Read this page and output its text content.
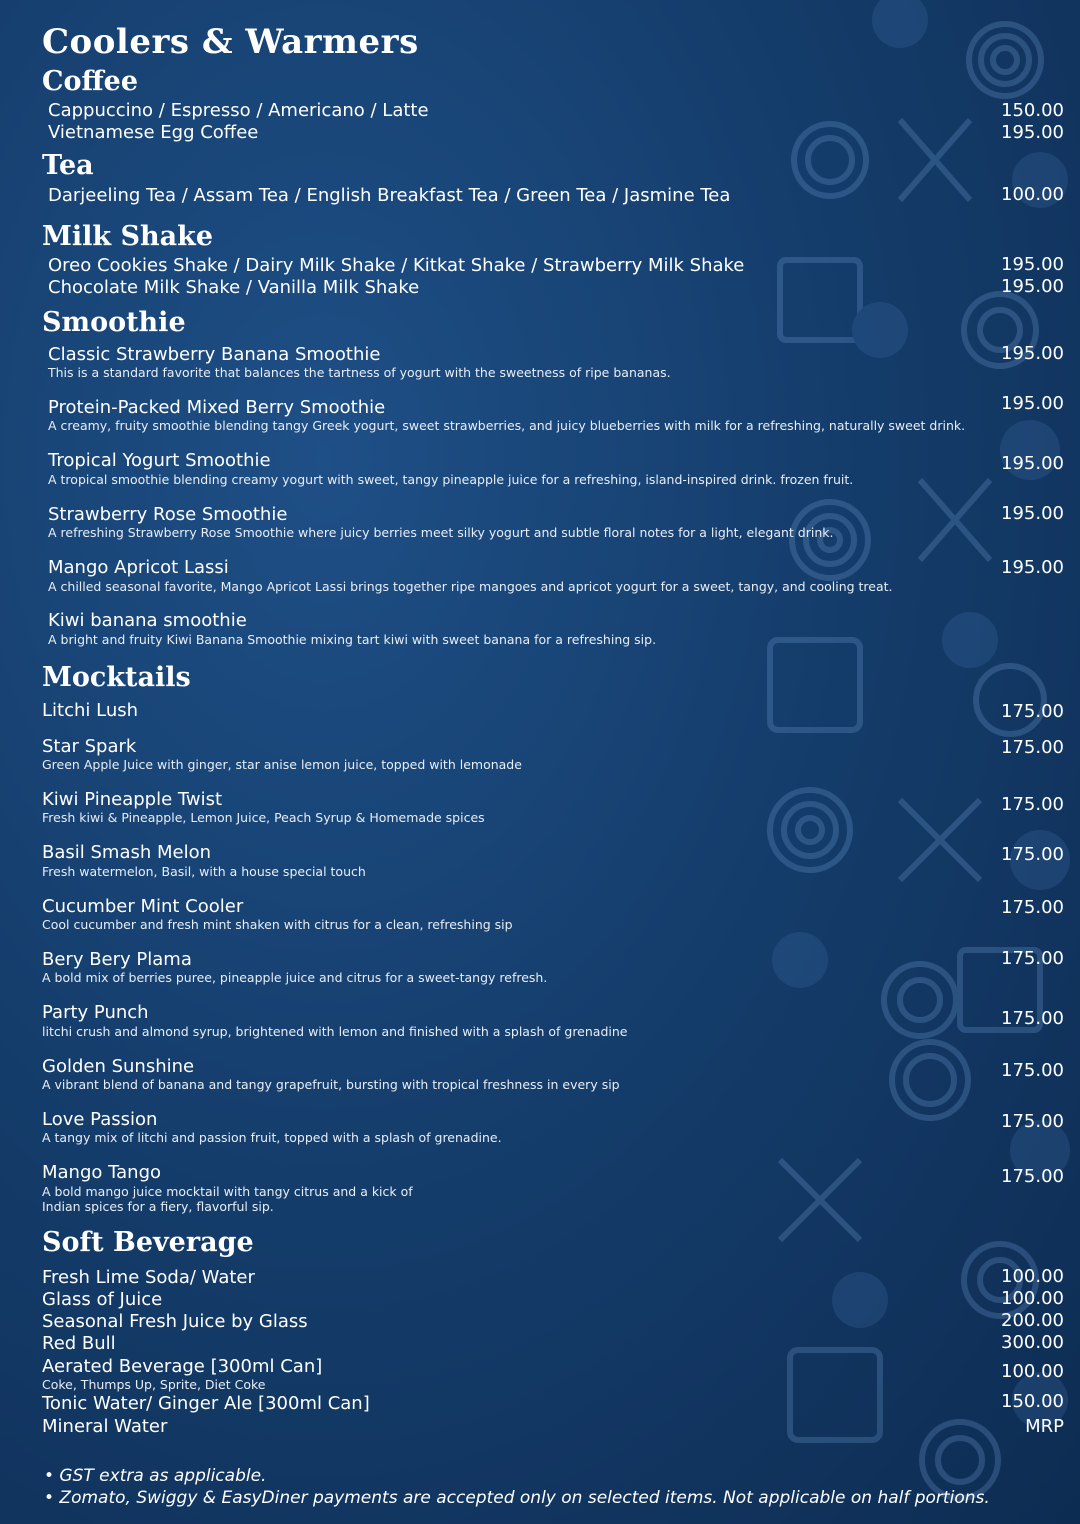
Coolers & Warmers
Coffee
Cappuccino / Espresso / Americano / Latte	150.00
Vietnamese Egg Coffee	195.00
Tea
Darjeeling Tea / Assam Tea / English Breakfast Tea / Green Tea / Jasmine Tea	100.00
Milk Shake
Oreo Cookies Shake / Dairy Milk Shake / Kitkat Shake / Strawberry Milk Shake	195.00
Chocolate Milk Shake / Vanilla Milk Shake	195.00
Smoothie
Classic Strawberry Banana Smoothie
This is a standard favorite that balances the tartness of yogurt with the sweetness of ripe bananas.
195.00
Protein-Packed Mixed Berry Smoothie
A creamy, fruity smoothie blending tangy Greek yogurt, sweet strawberries, and juicy blueberries with milk for a refreshing, naturally sweet drink.
195.00
Tropical Yogurt Smoothie
A tropical smoothie blending creamy yogurt with sweet, tangy pineapple juice for a refreshing, island-inspired drink. frozen fruit.
195.00
Strawberry Rose Smoothie
A refreshing Strawberry Rose Smoothie where juicy berries meet silky yogurt and subtle floral notes for a light, elegant drink.
195.00
Mango Apricot Lassi
A chilled seasonal favorite, Mango Apricot Lassi brings together ripe mangoes and apricot yogurt for a sweet, tangy, and cooling treat.
195.00
Kiwi banana smoothie
A bright and fruity Kiwi Banana Smoothie mixing tart kiwi with sweet banana for a refreshing sip.
Mocktails
Litchi Lush	175.00
Star Spark
Green Apple Juice with ginger, star anise lemon juice, topped with lemonade
175.00
Kiwi Pineapple Twist
Fresh kiwi & Pineapple, Lemon Juice, Peach Syrup & Homemade spices
175.00
Basil Smash Melon
Fresh watermelon, Basil, with a house special touch
175.00
Cucumber Mint Cooler
Cool cucumber and fresh mint shaken with citrus for a clean, refreshing sip
175.00
Bery Bery Plama
A bold mix of berries puree, pineapple juice and citrus for a sweet-tangy refresh.
175.00
Party Punch
litchi crush and almond syrup, brightened with lemon and finished with a splash of grenadine
175.00
Golden Sunshine
A vibrant blend of banana and tangy grapefruit, bursting with tropical freshness in every sip
175.00
Love Passion
A tangy mix of litchi and passion fruit, topped with a splash of grenadine.
175.00
Mango Tango
A bold mango juice mocktail with tangy citrus and a kick of
Indian spices for a fiery, flavorful sip.
175.00
Soft Beverage
Fresh Lime Soda/ Water	100.00
Glass of Juice	100.00
Seasonal Fresh Juice by Glass	200.00
Red Bull	300.00
Aerated Beverage [300ml Can]
Coke, Thumps Up, Sprite, Diet Coke
100.00
Tonic Water/ Ginger Ale [300ml Can]	150.00
Mineral Water	MRP
• GST extra as applicable.
• Zomato, Swiggy & EasyDiner payments are accepted only on selected items. Not applicable on half portions.
